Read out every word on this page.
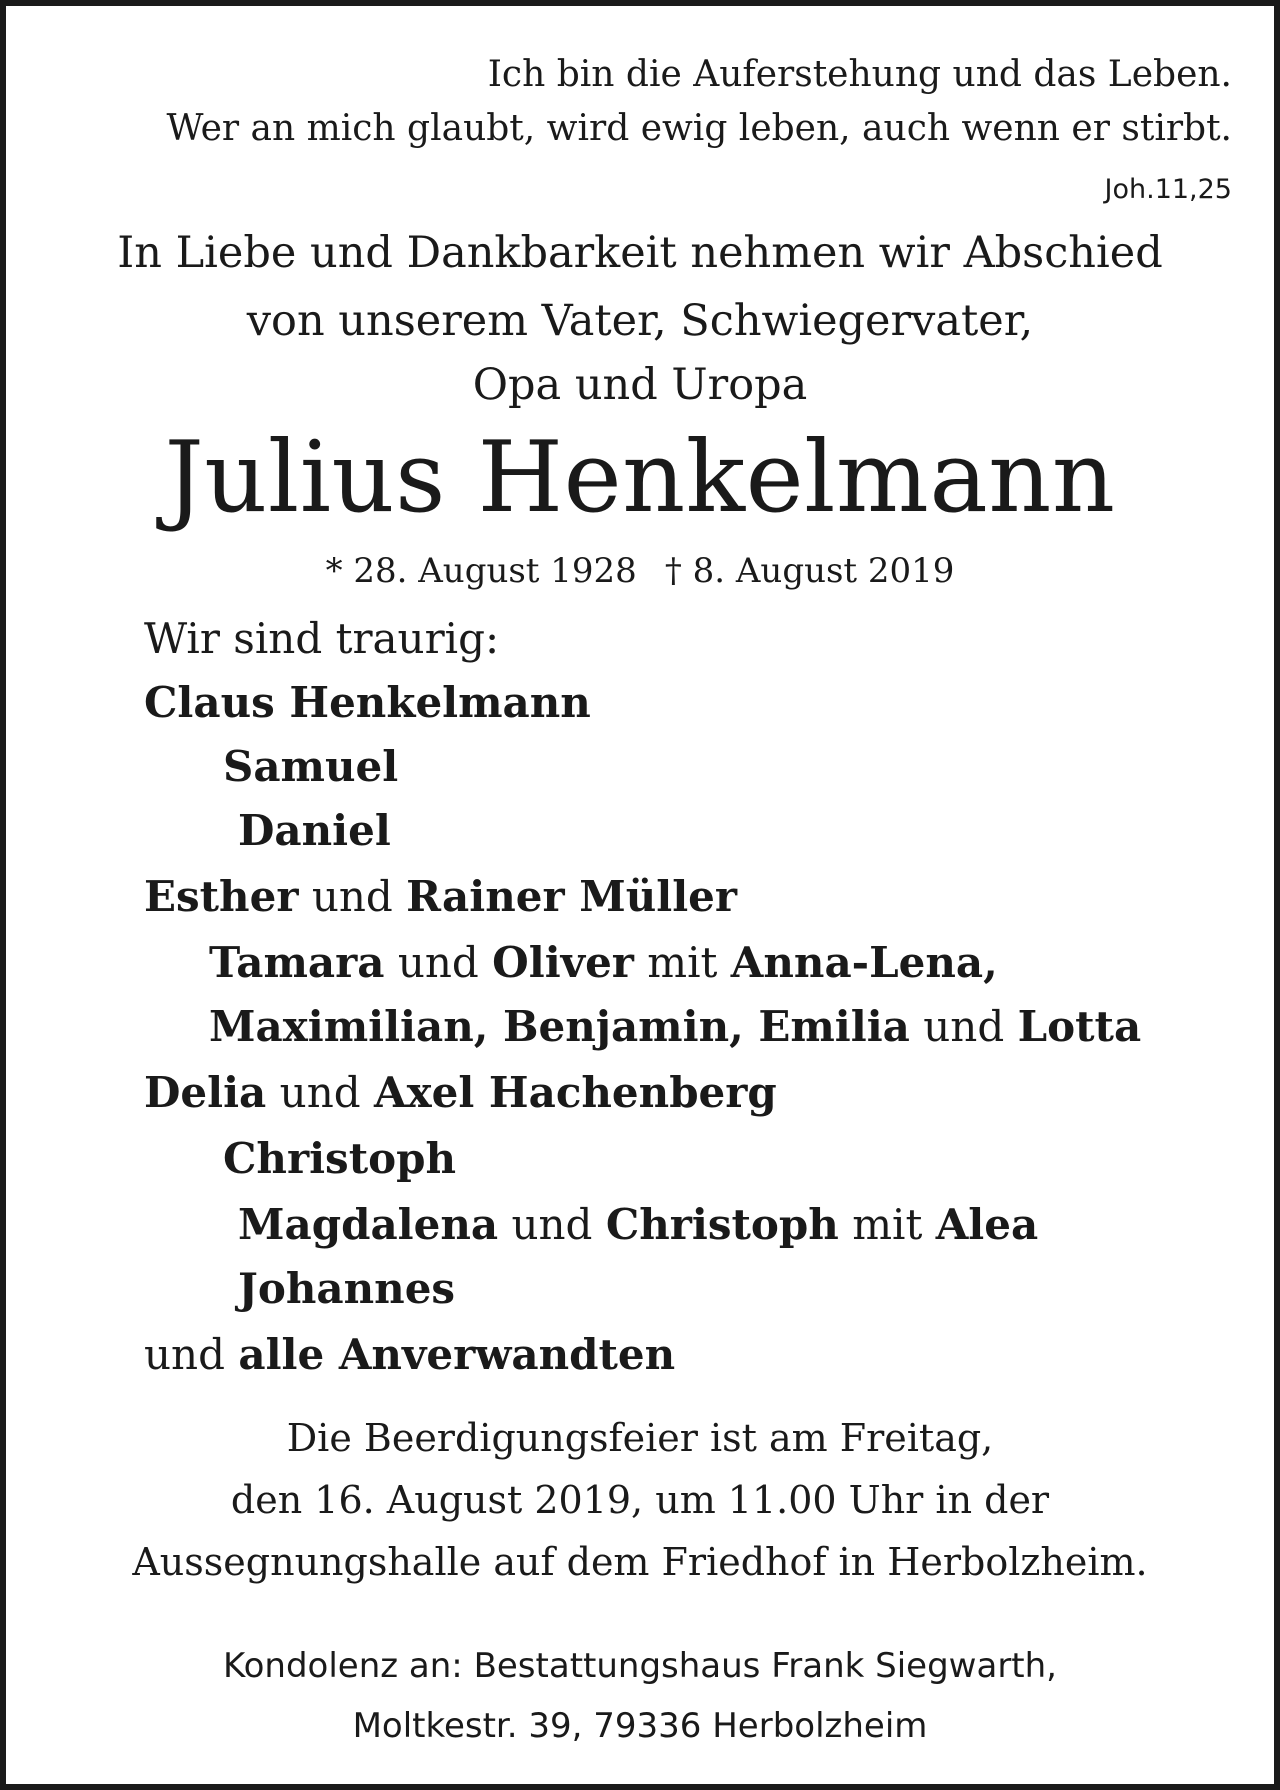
Ich bin die Auferstehung und das Leben.

Wer an mich glaubt, wird ewig leben, auch wenn er stirbt.

Joh.11,25

In Liebe und Dankbarkeit nehmen wir Abschied

von unserem Vater, Schwiegervater,

Opa und Uropa

Julius Henkelmann

* 28. August 1928 † 8. August 2019

Wir sind traurig:

Claus Henkelmann

Samuel

Daniel

Esther und Rainer Müller

Tamara und Oliver mit Anna-Lena,

Maximilian, Benjamin, Emilia und Lotta

Delia und Axel Hachenberg

Christoph

Magdalena und Christoph mit Alea

Johannes

und alle Anverwandten

Die Beerdigungsfeier ist am Freitag,

den 16. August 2019, um 11.00 Uhr in der

Aussegnungshalle auf dem Friedhof in Herbolzheim.

Kondolenz an: Bestattungshaus Frank Siegwarth,

Moltkestr. 39, 79336 Herbolzheim
